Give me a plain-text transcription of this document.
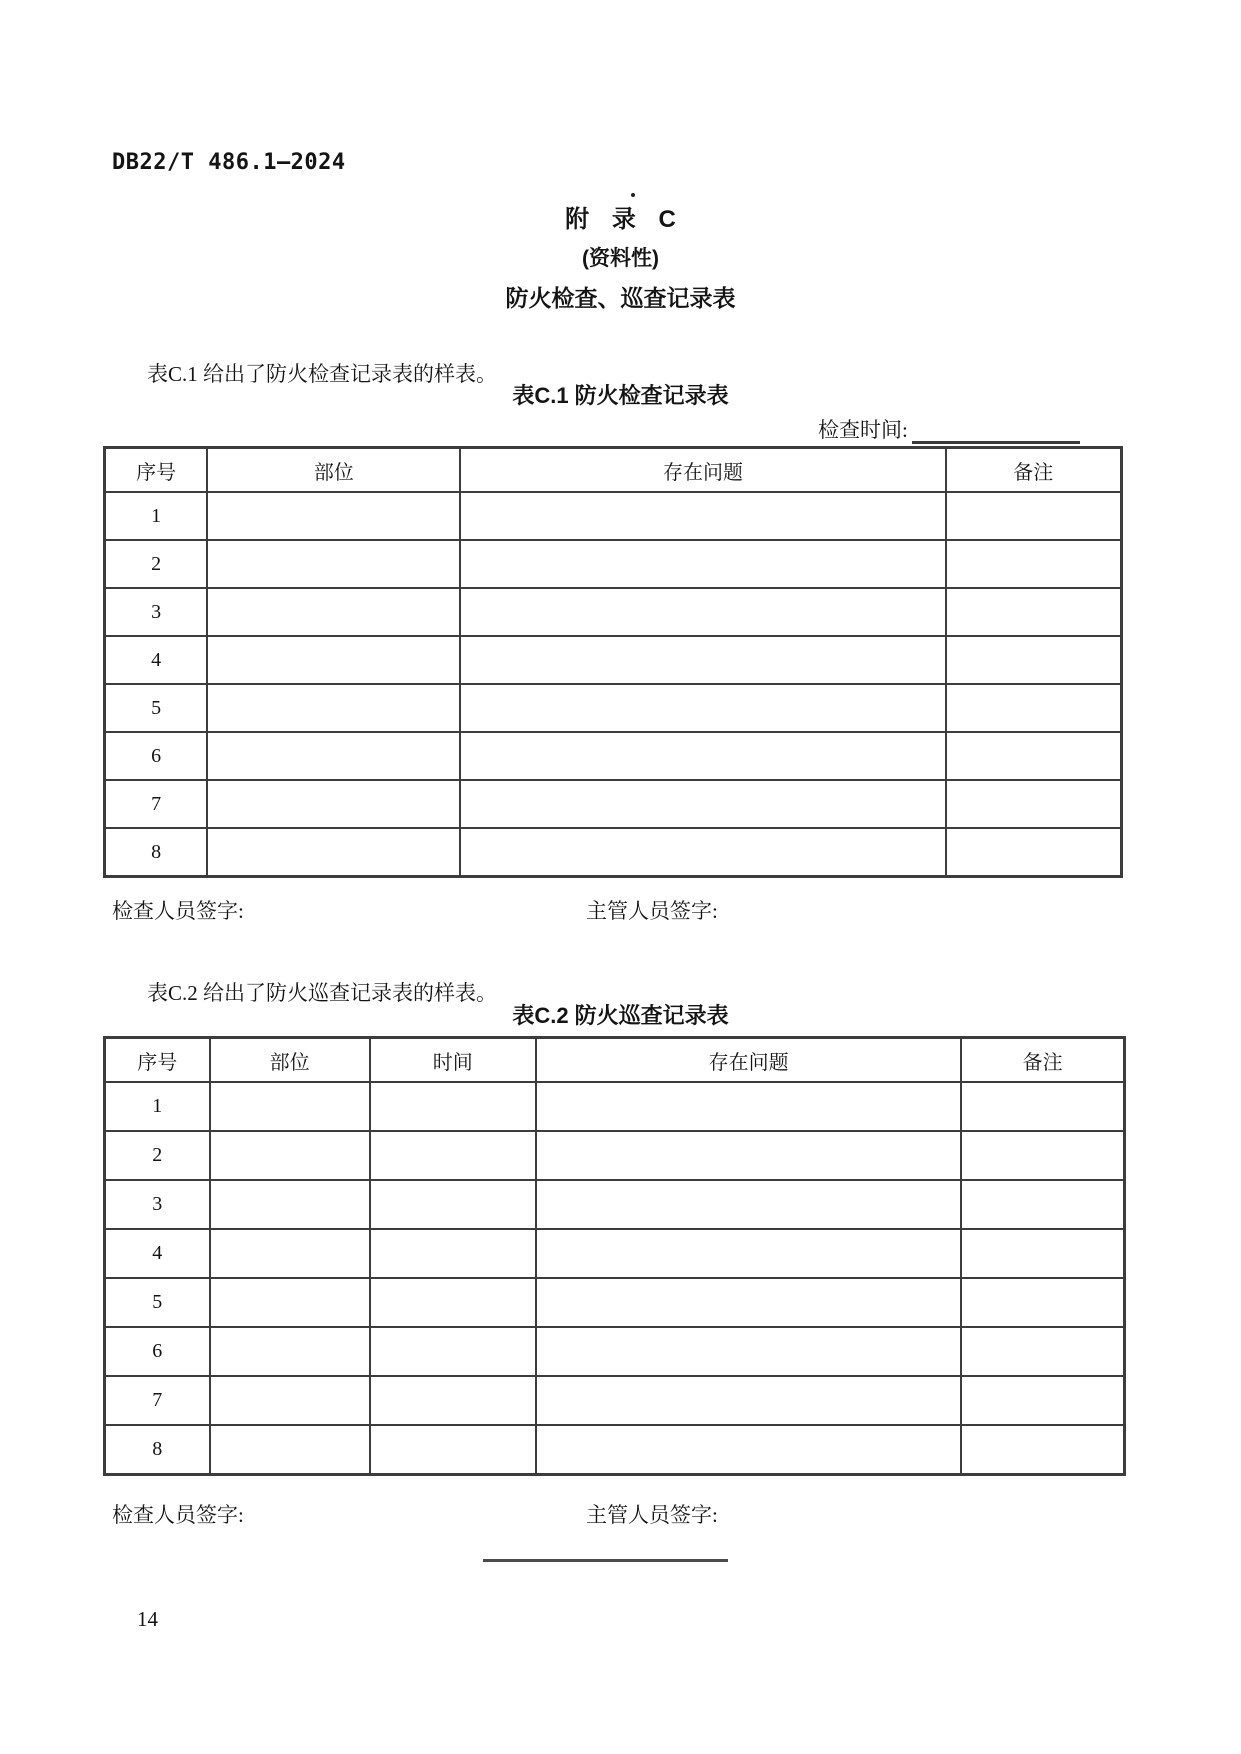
DB22/T 486.1—2024
附 录 C
(资料性)
防火检查、巡查记录表

表C.1 给出了防火检查记录表的样表。

表C.1 防火检查记录表
检查时间:
序号	部位	存在问题	备注
1			
2			
3			
4			
5			
6			
7			
8			
检查人员签字:	主管人员签字:

表C.2 给出了防火巡查记录表的样表。

表C.2 防火巡查记录表
序号	部位	时间	存在问题	备注
1				
2				
3				
4				
5				
6				
7				
8				
检查人员签字:	主管人员签字:
14
